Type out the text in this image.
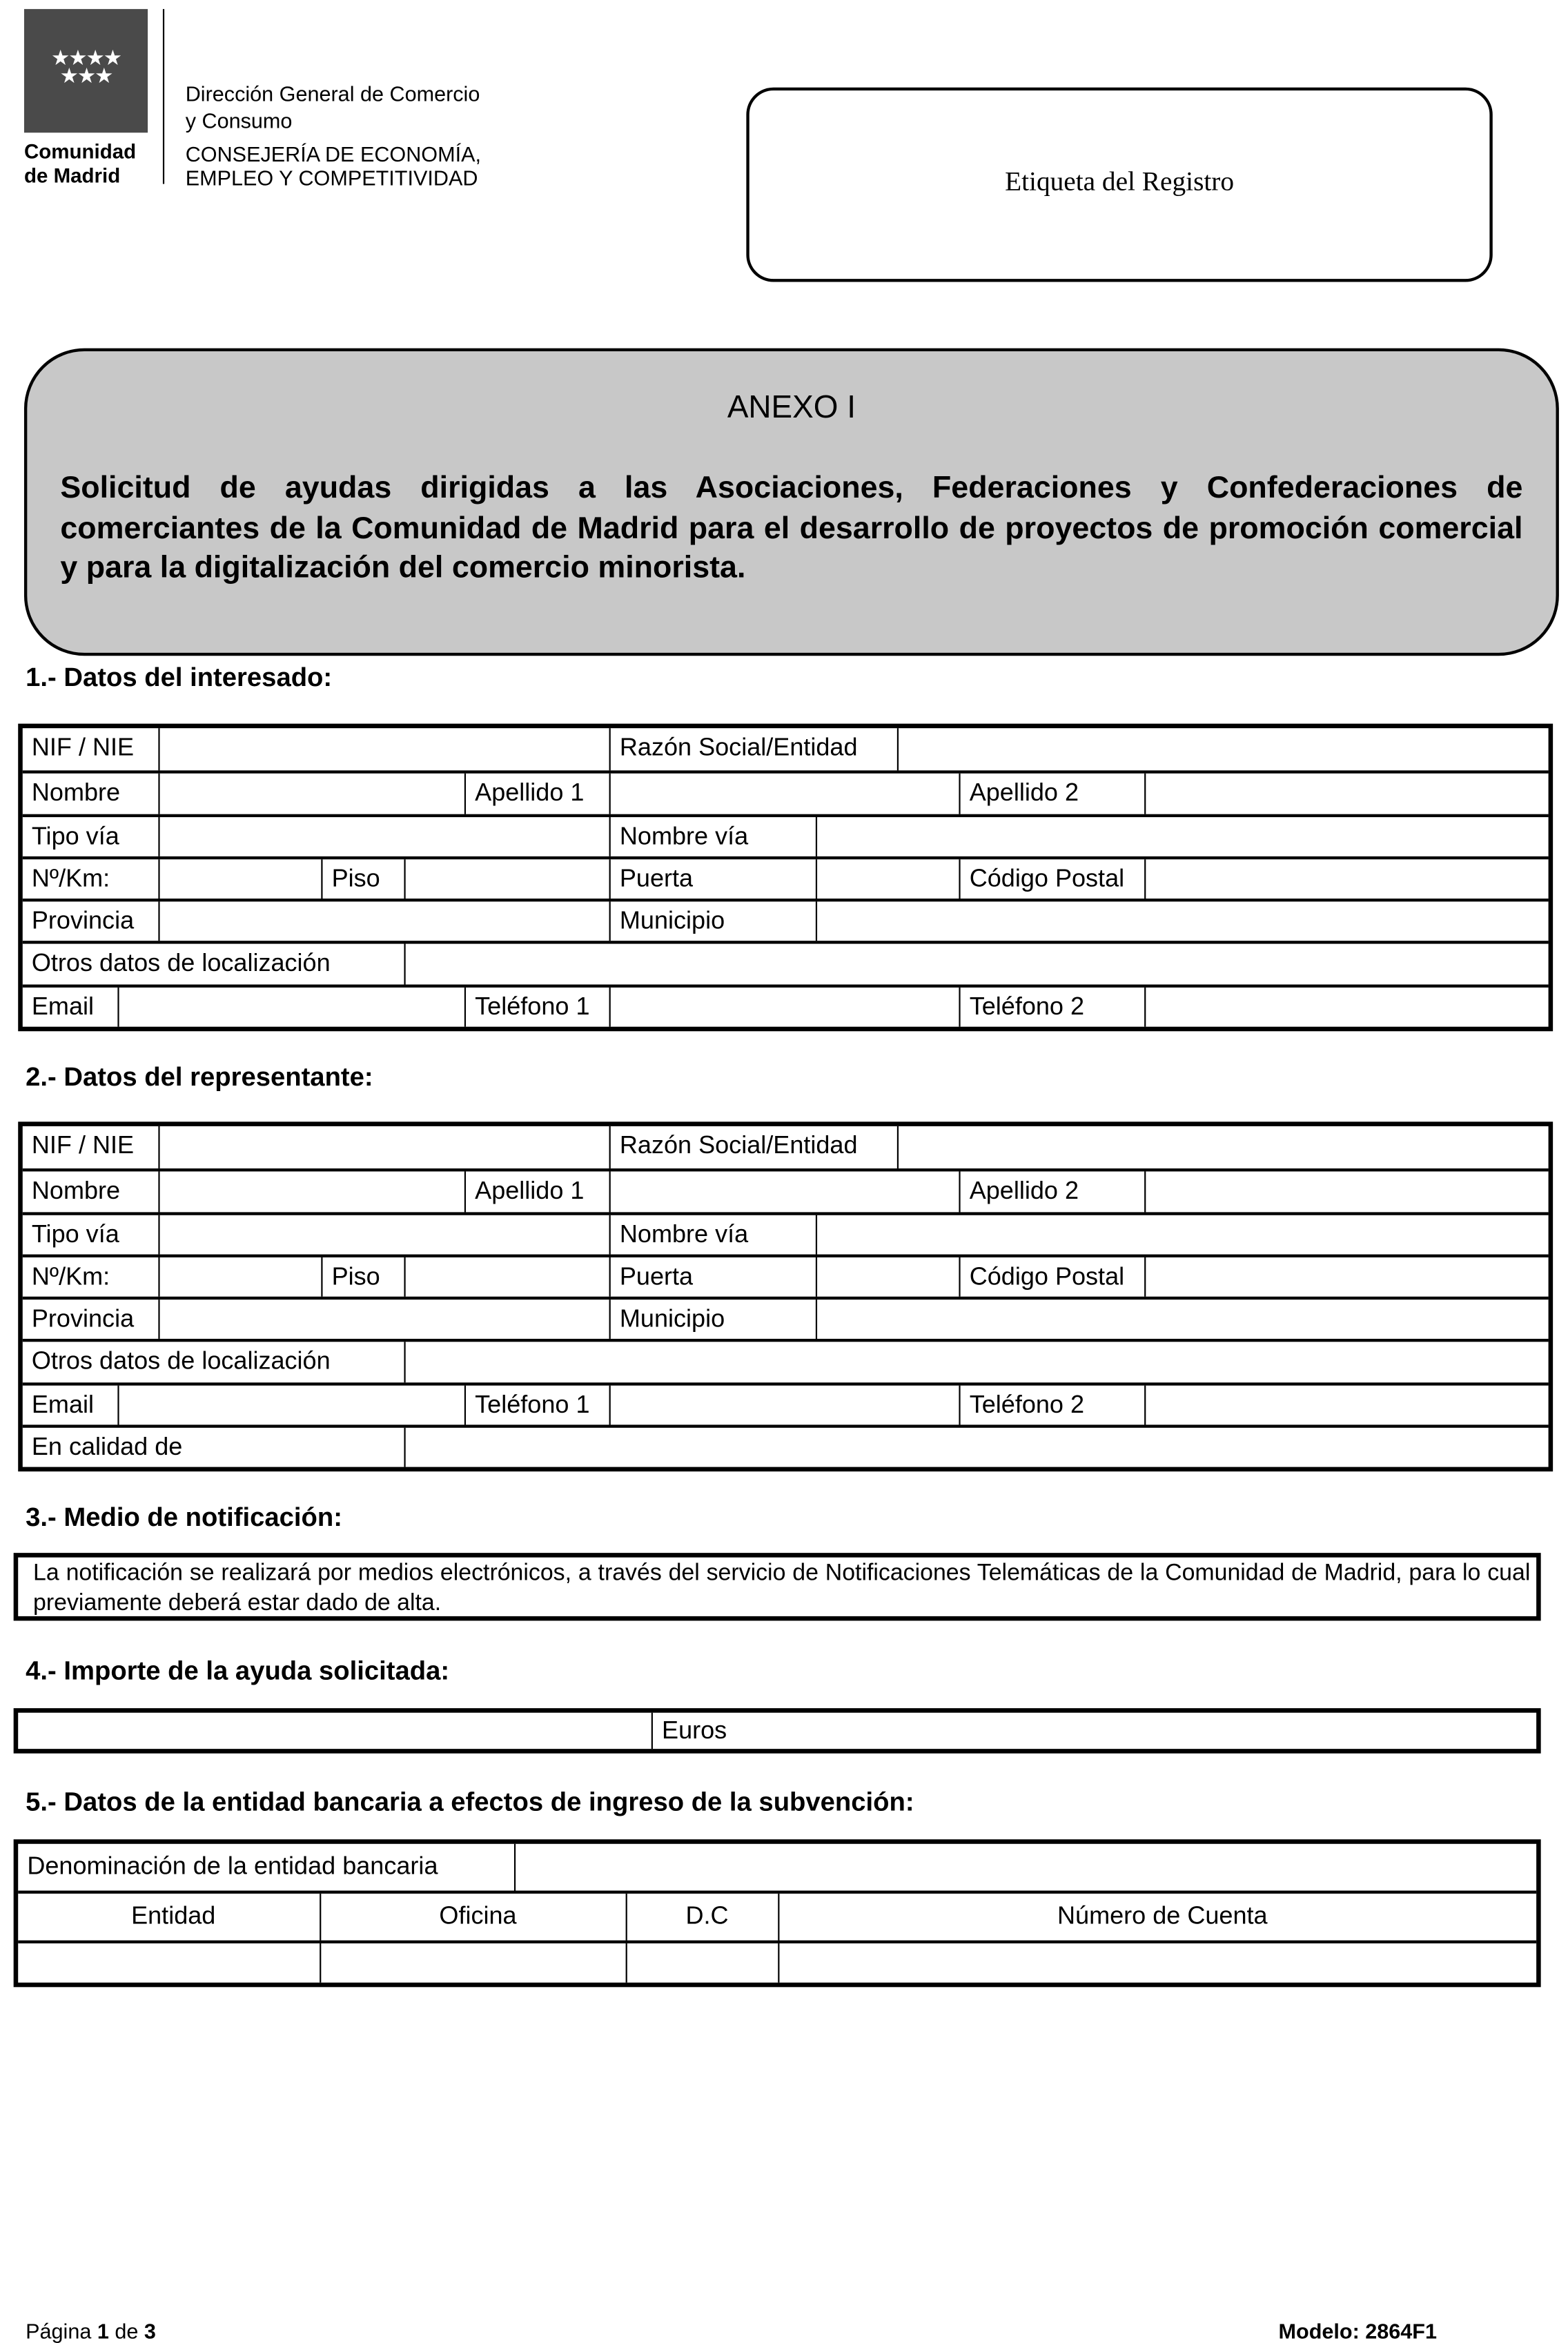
★★★★ ★★★
Comunidad
de Madrid
Dirección General de Comercio
y Consumo
CONSEJERÍA DE ECONOMÍA,
EMPLEO Y COMPETITIVIDAD	Etiqueta del Registro
ANEXO I
Solicitud de ayudas dirigidas a las Asociaciones, Federaciones y Confederaciones de comerciantes de la Comunidad de Madrid para el desarrollo de proyectos de promoción comercial y para la digitalización del comercio minorista.
1.- Datos del interesado:
NIF / NIE	Razón Social/Entidad
Nombre	Apellido 1	Apellido 2
Tipo vía	Nombre vía
Nº/Km:	Piso	Puerta	Código Postal
Provincia	Municipio
Otros datos de localización
Email	Teléfono 1	Teléfono 2
2.- Datos del representante:
NIF / NIE	Razón Social/Entidad
Nombre	Apellido 1	Apellido 2
Tipo vía	Nombre vía
Nº/Km:	Piso	Puerta	Código Postal
Provincia	Municipio
Otros datos de localización
Email	Teléfono 1	Teléfono 2
En calidad de
3.- Medio de notificación:
La notificación se realizará por medios electrónicos, a través del servicio de Notificaciones Telemáticas de la Comunidad de Madrid, para lo cual previamente deberá estar dado de alta.
4.- Importe de la ayuda solicitada:
Euros
5.- Datos de la entidad bancaria a efectos de ingreso de la subvención:
Denominación de la entidad bancaria
Entidad	Oficina	D.C	Número de Cuenta
Página 1 de 3	Modelo: 2864F1
